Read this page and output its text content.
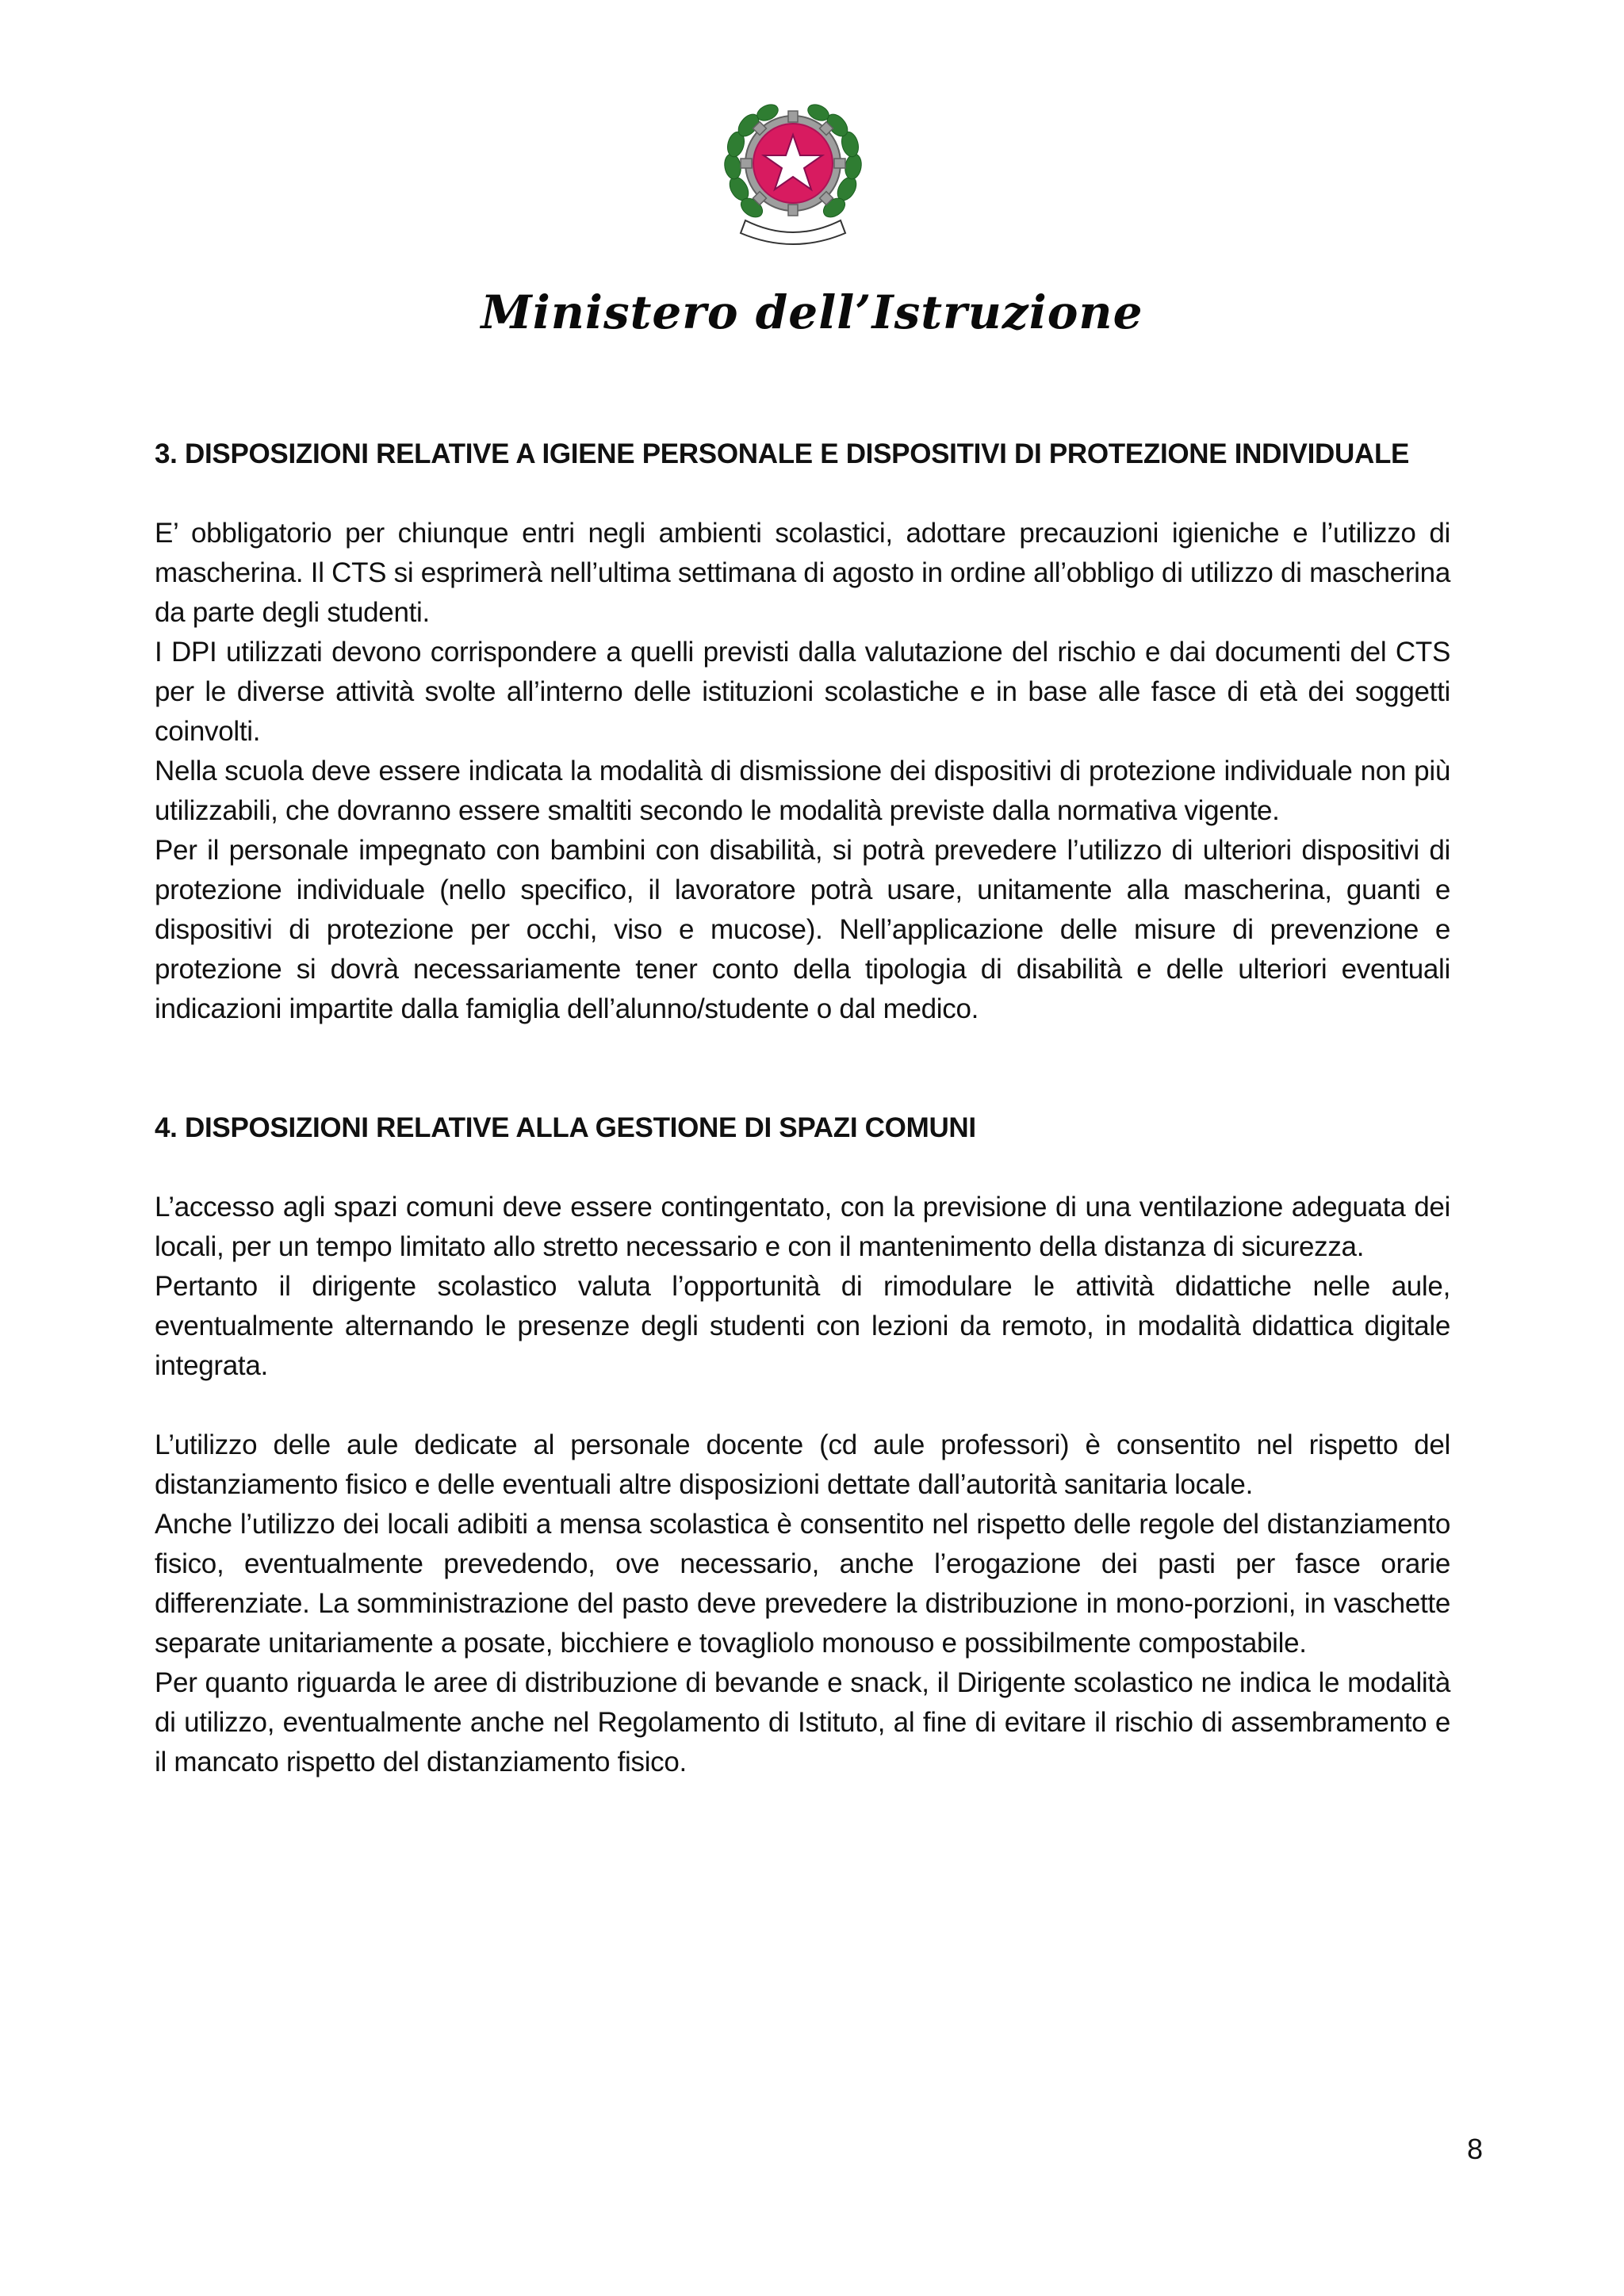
Ministero dell’Istruzione
3. DISPOSIZIONI RELATIVE A IGIENE PERSONALE E DISPOSITIVI DI PROTEZIONE INDIVIDUALE

E’ obbligatorio per chiunque entri negli ambienti scolastici, adottare precauzioni igieniche e l’utilizzo di mascherina. Il CTS si esprimerà nell’ultima settimana di agosto in ordine all’obbligo di utilizzo di mascherina da parte degli studenti.

I DPI utilizzati devono corrispondere a quelli previsti dalla valutazione del rischio e dai documenti del CTS per le diverse attività svolte all’interno delle istituzioni scolastiche e in base alle fasce di età dei soggetti coinvolti.

Nella scuola deve essere indicata la modalità di dismissione dei dispositivi di protezione individuale non più utilizzabili, che dovranno essere smaltiti secondo le modalità previste dalla normativa vigente.

Per il personale impegnato con bambini con disabilità, si potrà prevedere l’utilizzo di ulteriori dispositivi di protezione individuale (nello specifico, il lavoratore potrà usare, unitamente alla mascherina, guanti e dispositivi di protezione per occhi, viso e mucose). Nell’applicazione delle misure di prevenzione e protezione si dovrà necessariamente tener conto della tipologia di disabilità e delle ulteriori eventuali indicazioni impartite dalla famiglia dell’alunno/studente o dal medico.

4. DISPOSIZIONI RELATIVE ALLA GESTIONE DI SPAZI COMUNI

L’accesso agli spazi comuni deve essere contingentato, con la previsione di una ventilazione adeguata dei locali, per un tempo limitato allo stretto necessario e con il mantenimento della distanza di sicurezza.

Pertanto il dirigente scolastico valuta l’opportunità di rimodulare le attività didattiche nelle aule, eventualmente alternando le presenze degli studenti con lezioni da remoto, in modalità didattica digitale integrata.

L’utilizzo delle aule dedicate al personale docente (cd aule professori) è consentito nel rispetto del distanziamento fisico e delle eventuali altre disposizioni dettate dall’autorità sanitaria locale.

Anche l’utilizzo dei locali adibiti a mensa scolastica è consentito nel rispetto delle regole del distanziamento fisico, eventualmente prevedendo, ove necessario, anche l’erogazione dei pasti per fasce orarie differenziate. La somministrazione del pasto deve prevedere la distribuzione in mono-porzioni, in vaschette separate unitariamente a posate, bicchiere e tovagliolo monouso e possibilmente compostabile.

Per quanto riguarda le aree di distribuzione di bevande e snack, il Dirigente scolastico ne indica le modalità di utilizzo, eventualmente anche nel Regolamento di Istituto, al fine di evitare il rischio di assembramento e il mancato rispetto del distanziamento fisico.

8
